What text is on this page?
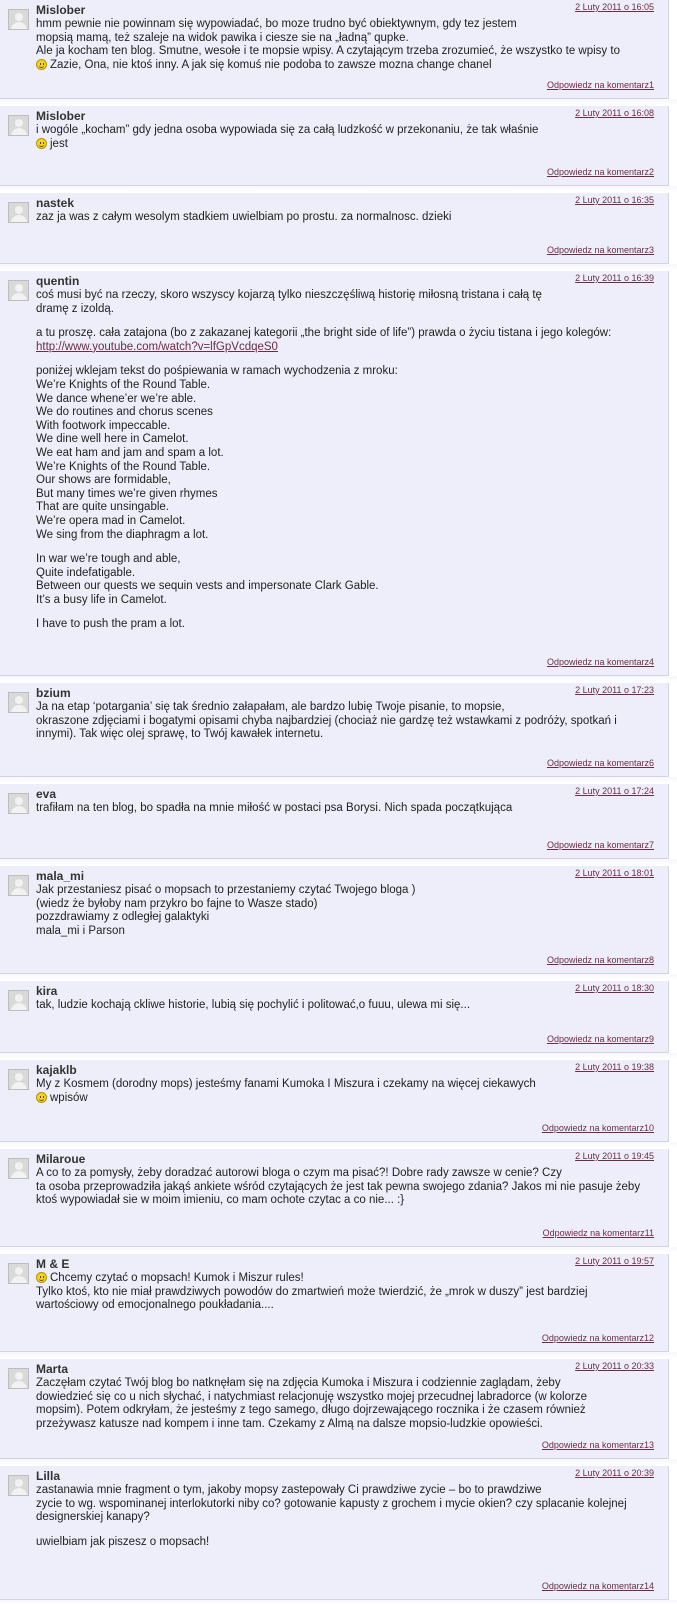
Mislober	2 Luty 2011 o 16:05

hmm pewnie nie powinnam się wypowiadać, bo moze trudno być obiektywnym, gdy tez jestem
mopsią mamą, też szaleje na widok pawika i ciesze sie na „ładną” qupke.
Ale ja kocham ten blog. Smutne, wesołe i te mopsie wpisy. A czytającym trzeba zrozumieć, że wszystko te wpisy to

Zazie, Ona, nie ktoś inny. A jak się komuś nie podoba to zawsze mozna change chanel

Odpowiedz na komentarz1
Mislober	2 Luty 2011 o 16:08

i wogóle „kocham” gdy jedna osoba wypowiada się za całą ludzkość w przekonaniu, że tak właśnie

jest

Odpowiedz na komentarz2
nastek	2 Luty 2011 o 16:35

zaz ja was z całym wesolym stadkiem uwielbiam po prostu. za normalnosc. dzieki

Odpowiedz na komentarz3
quentin	2 Luty 2011 o 16:39

coś musi być na rzeczy, skoro wszyscy kojarzą tylko nieszczęśliwą historię miłosną tristana i całą tę
dramę z izoldą.

a tu proszę. cała zatajona (bo z zakazanej kategorii „the bright side of life”) prawda o życiu tistana i jego kolegów:
http://www.youtube.com/watch?v=lfGpVcdqeS0

poniżej wklejam tekst do pośpiewania w ramach wychodzenia z mroku:
We’re Knights of the Round Table.
We dance whene’er we’re able.
We do routines and chorus scenes
With footwork impeccable.
We dine well here in Camelot.
We eat ham and jam and spam a lot.
We’re Knights of the Round Table.
Our shows are formidable,
But many times we’re given rhymes
That are quite unsingable.
We’re opera mad in Camelot.
We sing from the diaphragm a lot.

In war we’re tough and able,
Quite indefatigable.
Between our quests we sequin vests and impersonate Clark Gable.
It’s a busy life in Camelot.

I have to push the pram a lot.

Odpowiedz na komentarz4
bzium	2 Luty 2011 o 17:23

Ja na etap ‘potargania’ się tak średnio załapałam, ale bardzo lubię Twoje pisanie, to mopsie,
okraszone zdjęciami i bogatymi opisami chyba najbardziej (chociaż nie gardzę też wstawkami z podróży, spotkań i
innymi). Tak więc olej sprawę, to Twój kawałek internetu.

Odpowiedz na komentarz6
eva	2 Luty 2011 o 17:24

trafiłam na ten blog, bo spadła na mnie miłość w postaci psa Borysi. Nich spada początkująca

Odpowiedz na komentarz7
mala_mi	2 Luty 2011 o 18:01

Jak przestaniesz pisać o mopsach to przestaniemy czytać Twojego bloga )
(wiedz że byłoby nam przykro bo fajne to Wasze stado)
pozzdrawiamy z odległej galaktyki
mala_mi i Parson

Odpowiedz na komentarz8
kira	2 Luty 2011 o 18:30

tak, ludzie kochają ckliwe historie, lubią się pochylić i politować,o fuuu, ulewa mi się...

Odpowiedz na komentarz9
kajaklb	2 Luty 2011 o 19:38

My z Kosmem (dorodny mops) jesteśmy fanami Kumoka I Miszura i czekamy na więcej ciekawych

wpisów

Odpowiedz na komentarz10
Milaroue	2 Luty 2011 o 19:45

A co to za pomysły, żeby doradzać autorowi bloga o czym ma pisać?! Dobre rady zawsze w cenie? Czy
ta osoba przeprowadziła jakąś ankiete wśród czytających że jest tak pewna swojego zdania? Jakos mi nie pasuje żeby
ktoś wypowiadał sie w moim imieniu, co mam ochote czytac a co nie... :}

Odpowiedz na komentarz11
M & E	2 Luty 2011 o 19:57

Chcemy czytać o mopsach! Kumok i Miszur rules!
Tylko ktoś, kto nie miał prawdziwych powodów do zmartwień może twierdzić, że „mrok w duszy” jest bardziej
wartościowy od emocjonalnego poukładania....

Odpowiedz na komentarz12
Marta	2 Luty 2011 o 20:33

Zaczęłam czytać Twój blog bo natknęłam się na zdjęcia Kumoka i Miszura i codziennie zaglądam, żeby
dowiedzieć się co u nich słychać, i natychmiast relacjonuję wszystko mojej przecudnej labradorce (w kolorze
mopsim). Potem odkryłam, że jesteśmy z tego samego, długo dojrzewającego rocznika i że czasem również
przeżywasz katusze nad kompem i inne tam. Czekamy z Almą na dalsze mopsio-ludzkie opowieści.

Odpowiedz na komentarz13
Lilla	2 Luty 2011 o 20:39

zastanawia mnie fragment o tym, jakoby mopsy zastepowały Ci prawdziwe zycie – bo to prawdziwe
zycie to wg. wspominanej interlokutorki niby co? gotowanie kapusty z grochem i mycie okien? czy splacanie kolejnej
designerskiej kanapy?

uwielbiam jak piszesz o mopsach!

Odpowiedz na komentarz14
